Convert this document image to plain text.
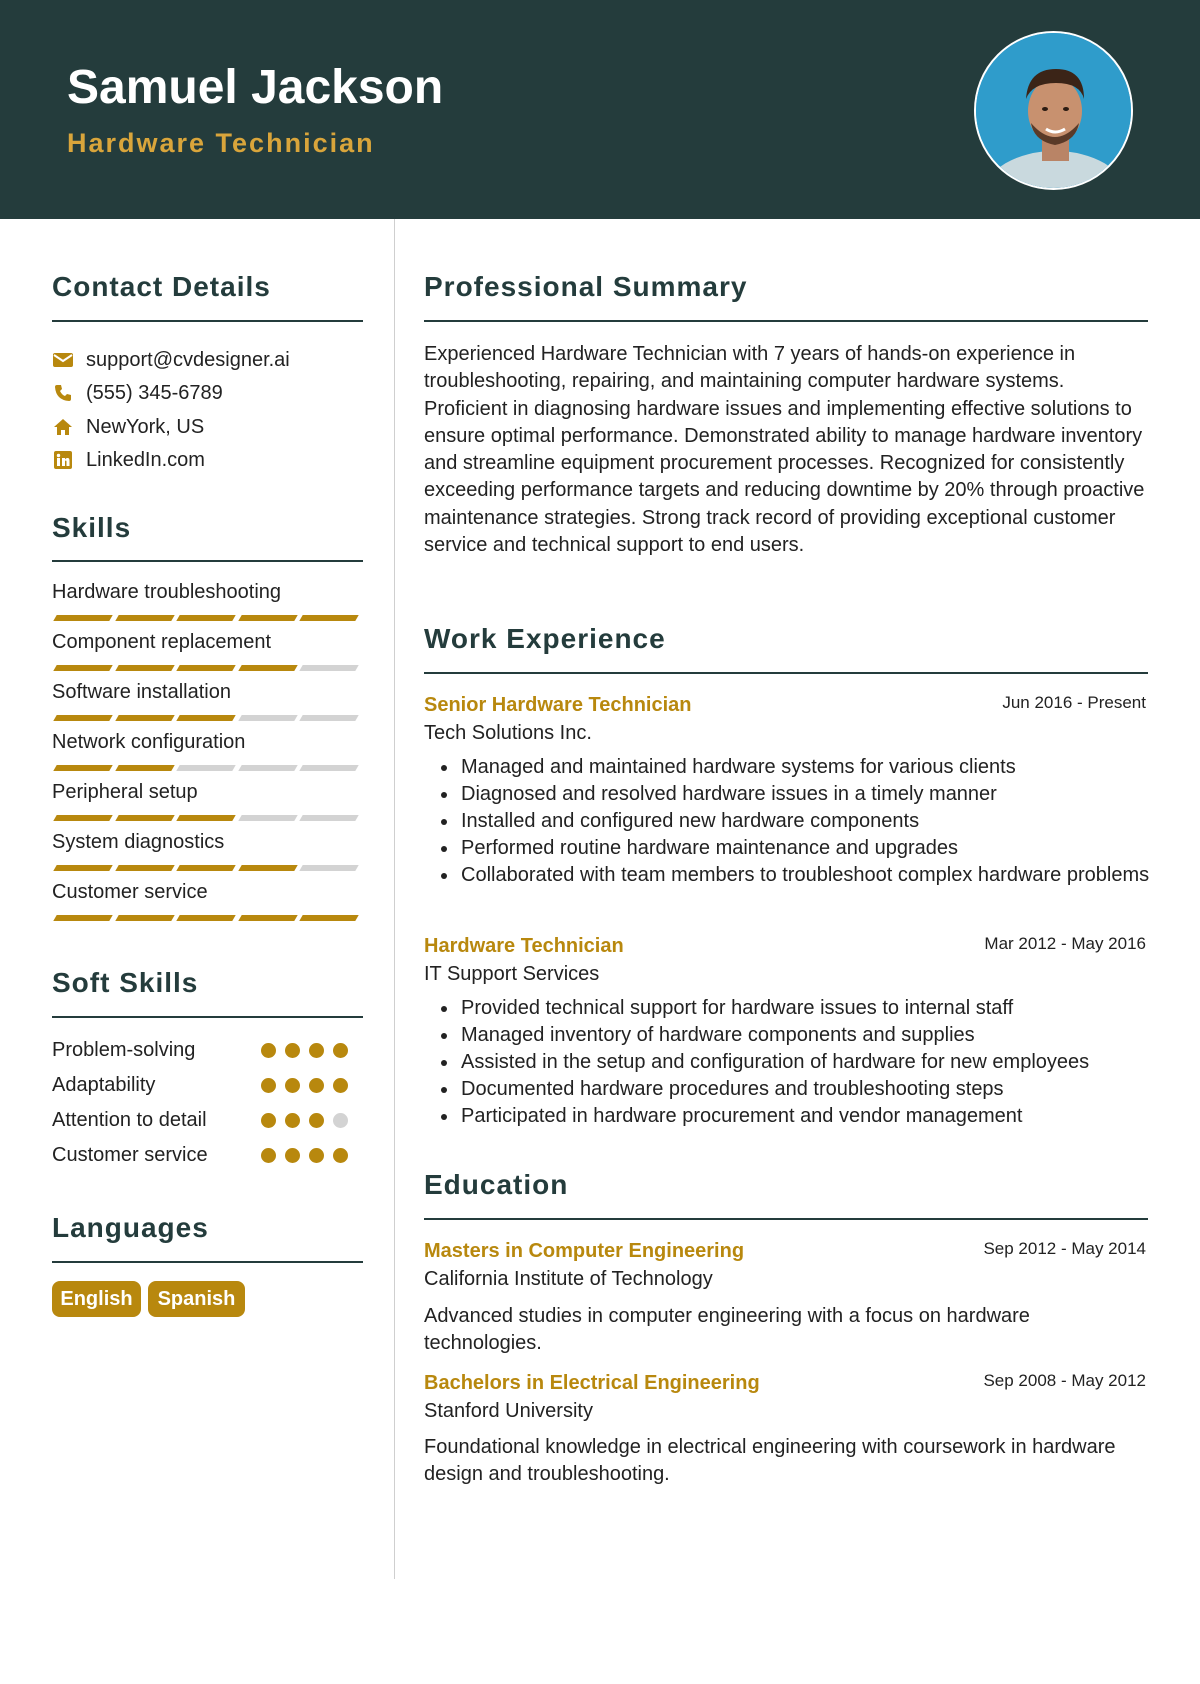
Samuel Jackson
Hardware Technician
Contact Details
support@cvdesigner.ai
(555) 345-6789
NewYork, US
LinkedIn.com
Skills
Hardware troubleshooting
Component replacement
Software installation
Network configuration
Peripheral setup
System diagnostics
Customer service
Soft Skills
Problem-solving
Adaptability
Attention to detail
Customer service
Languages
English	Spanish
Professional Summary
Experienced Hardware Technician with 7 years of hands-on experience in troubleshooting, repairing, and maintaining computer hardware systems. Proficient in diagnosing hardware issues and implementing effective solutions to ensure optimal performance. Demonstrated ability to manage hardware inventory and streamline equipment procurement processes. Recognized for consistently exceeding performance targets and reducing downtime by 20% through proactive maintenance strategies. Strong track record of providing exceptional customer service and technical support to end users.
Work Experience
Senior Hardware Technician	Jun 2016 - Present
Tech Solutions Inc.
Managed and maintained hardware systems for various clients
Diagnosed and resolved hardware issues in a timely manner
Installed and configured new hardware components
Performed routine hardware maintenance and upgrades
Collaborated with team members to troubleshoot complex hardware problems
Hardware Technician	Mar 2012 - May 2016
IT Support Services
Provided technical support for hardware issues to internal staff
Managed inventory of hardware components and supplies
Assisted in the setup and configuration of hardware for new employees
Documented hardware procedures and troubleshooting steps
Participated in hardware procurement and vendor management
Education
Masters in Computer Engineering	Sep 2012 - May 2014
California Institute of Technology
Advanced studies in computer engineering with a focus on hardware technologies.
Bachelors in Electrical Engineering	Sep 2008 - May 2012
Stanford University
Foundational knowledge in electrical engineering with coursework in hardware design and troubleshooting.
